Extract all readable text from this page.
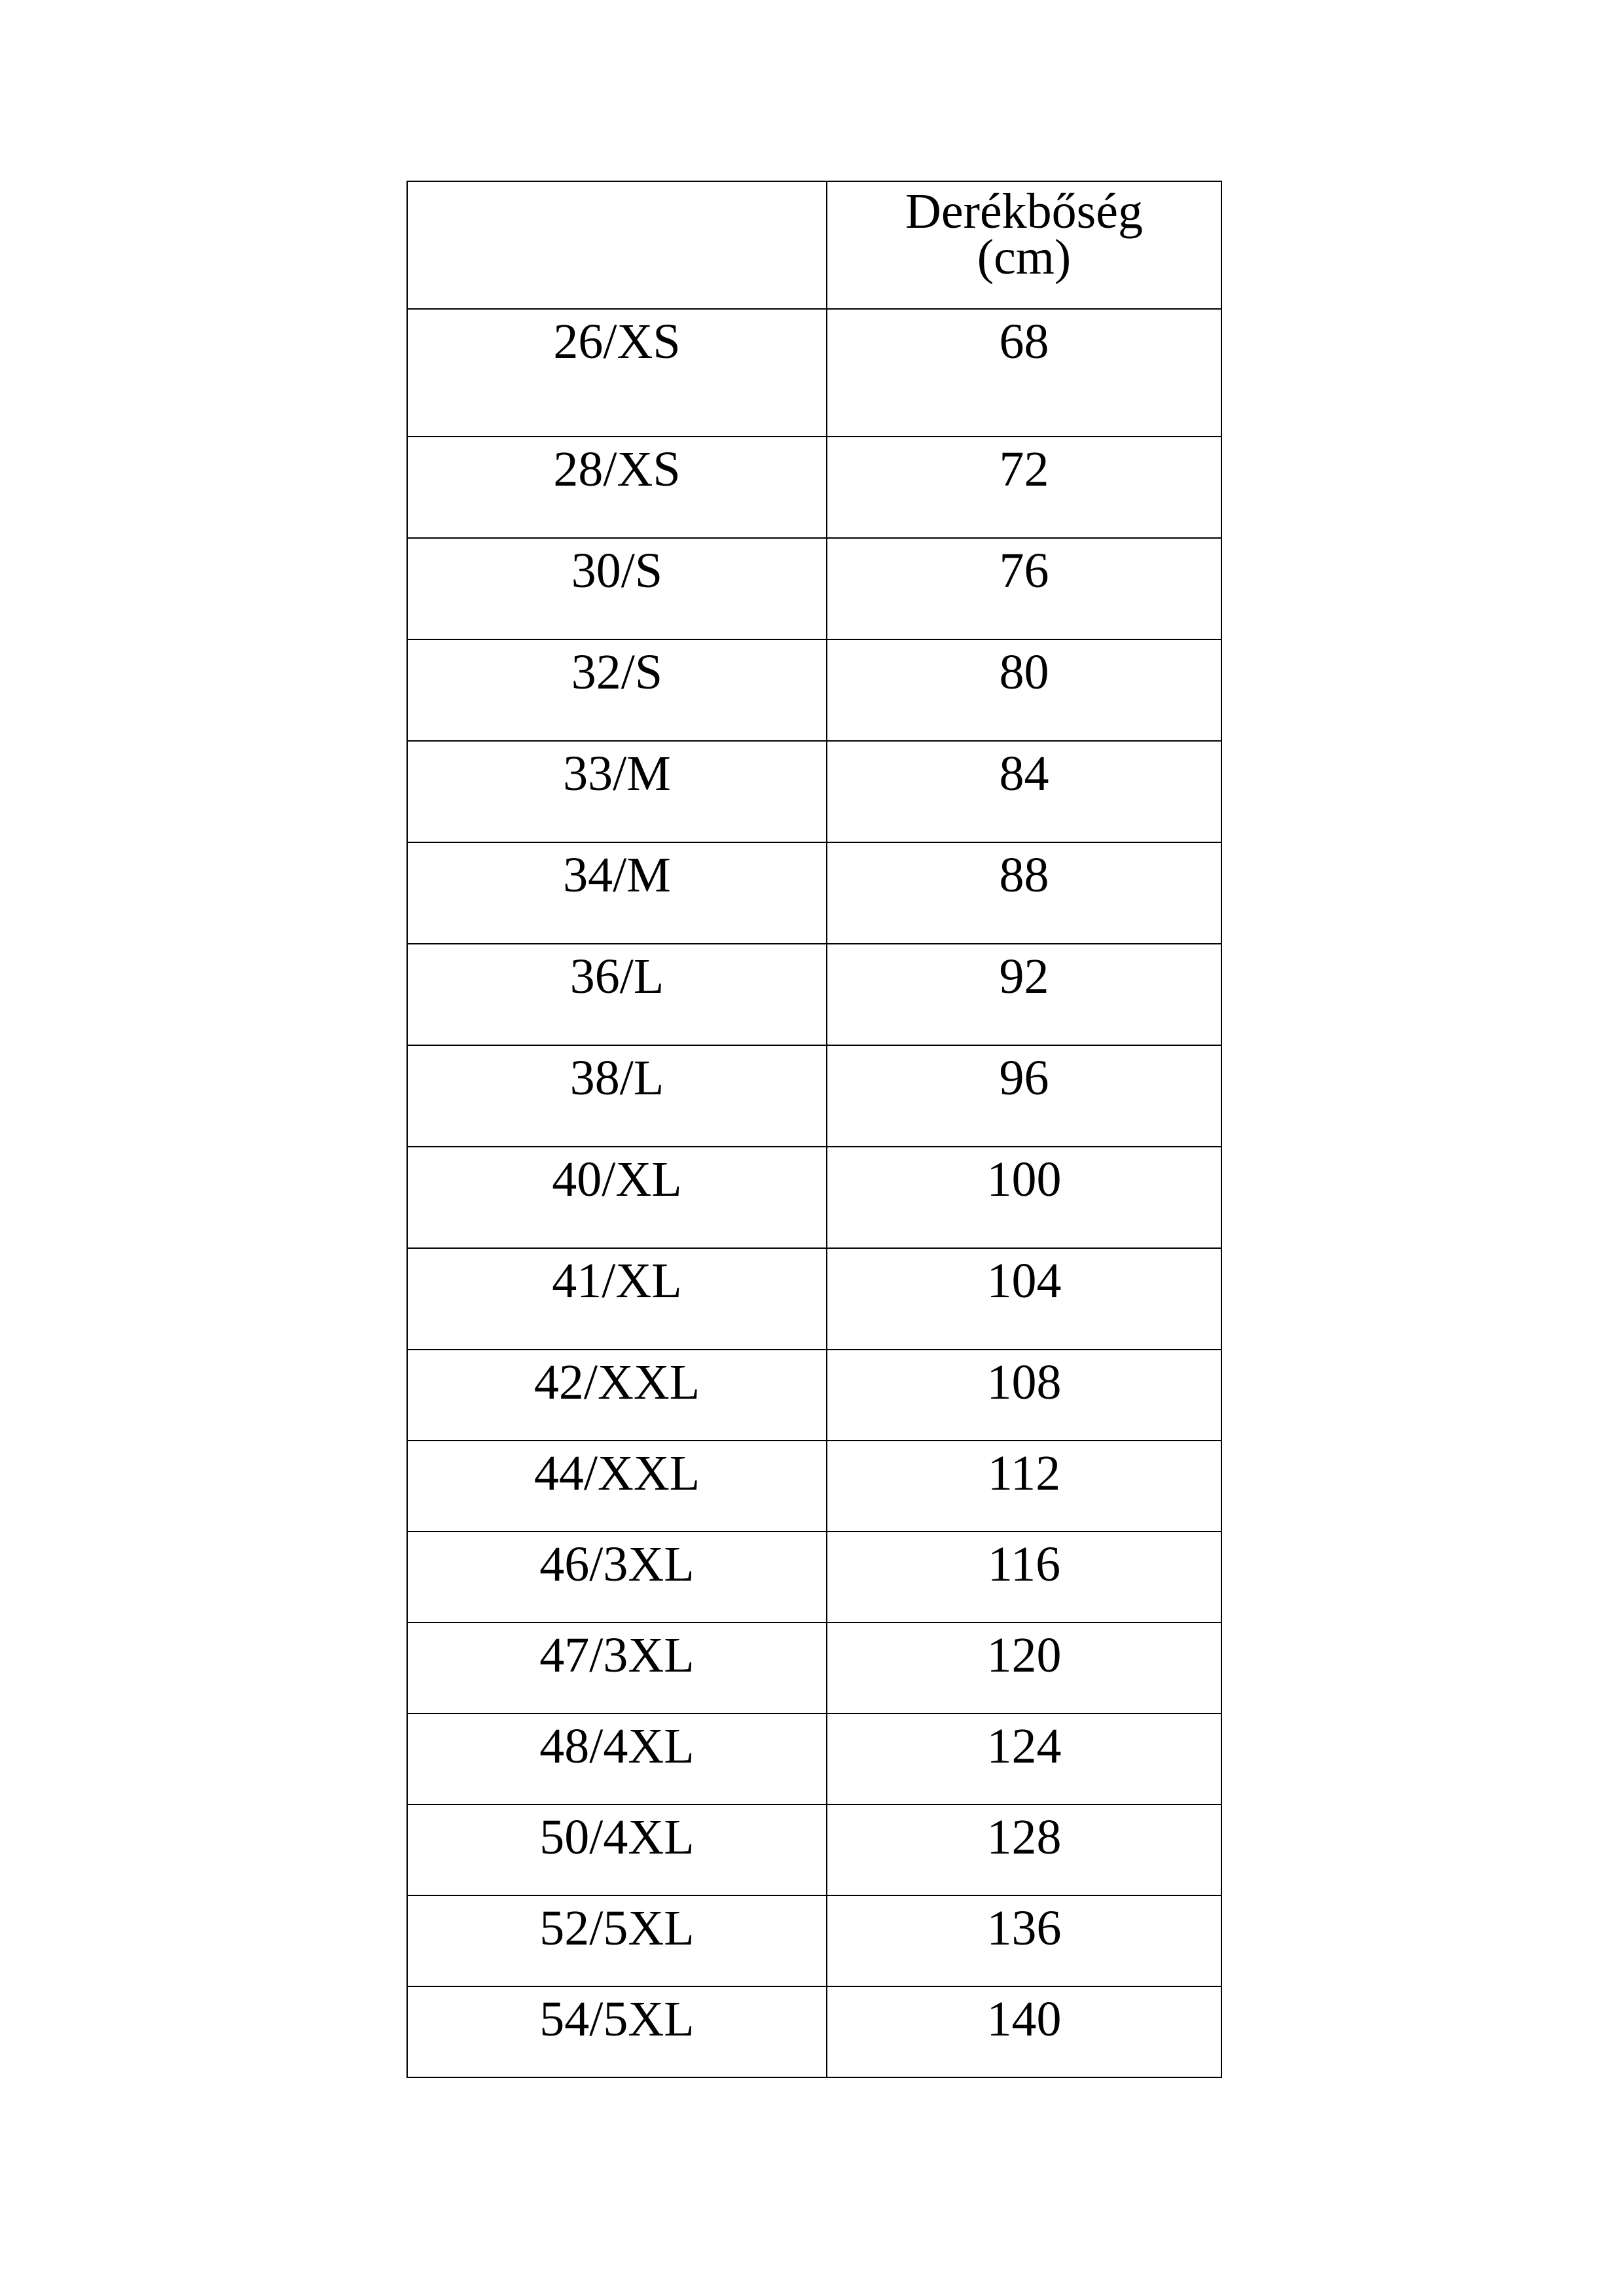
	Derékbőség
(cm)

26/XS	68

28/XS	72

30/S	76

32/S	80

33/M	84

34/M	88

36/L	92

38/L	96

40/XL	100

41/XL	104

42/XXL	108

44/XXL	112

46/3XL	116

47/3XL	120

48/4XL	124

50/4XL	128

52/5XL	136

54/5XL	140
